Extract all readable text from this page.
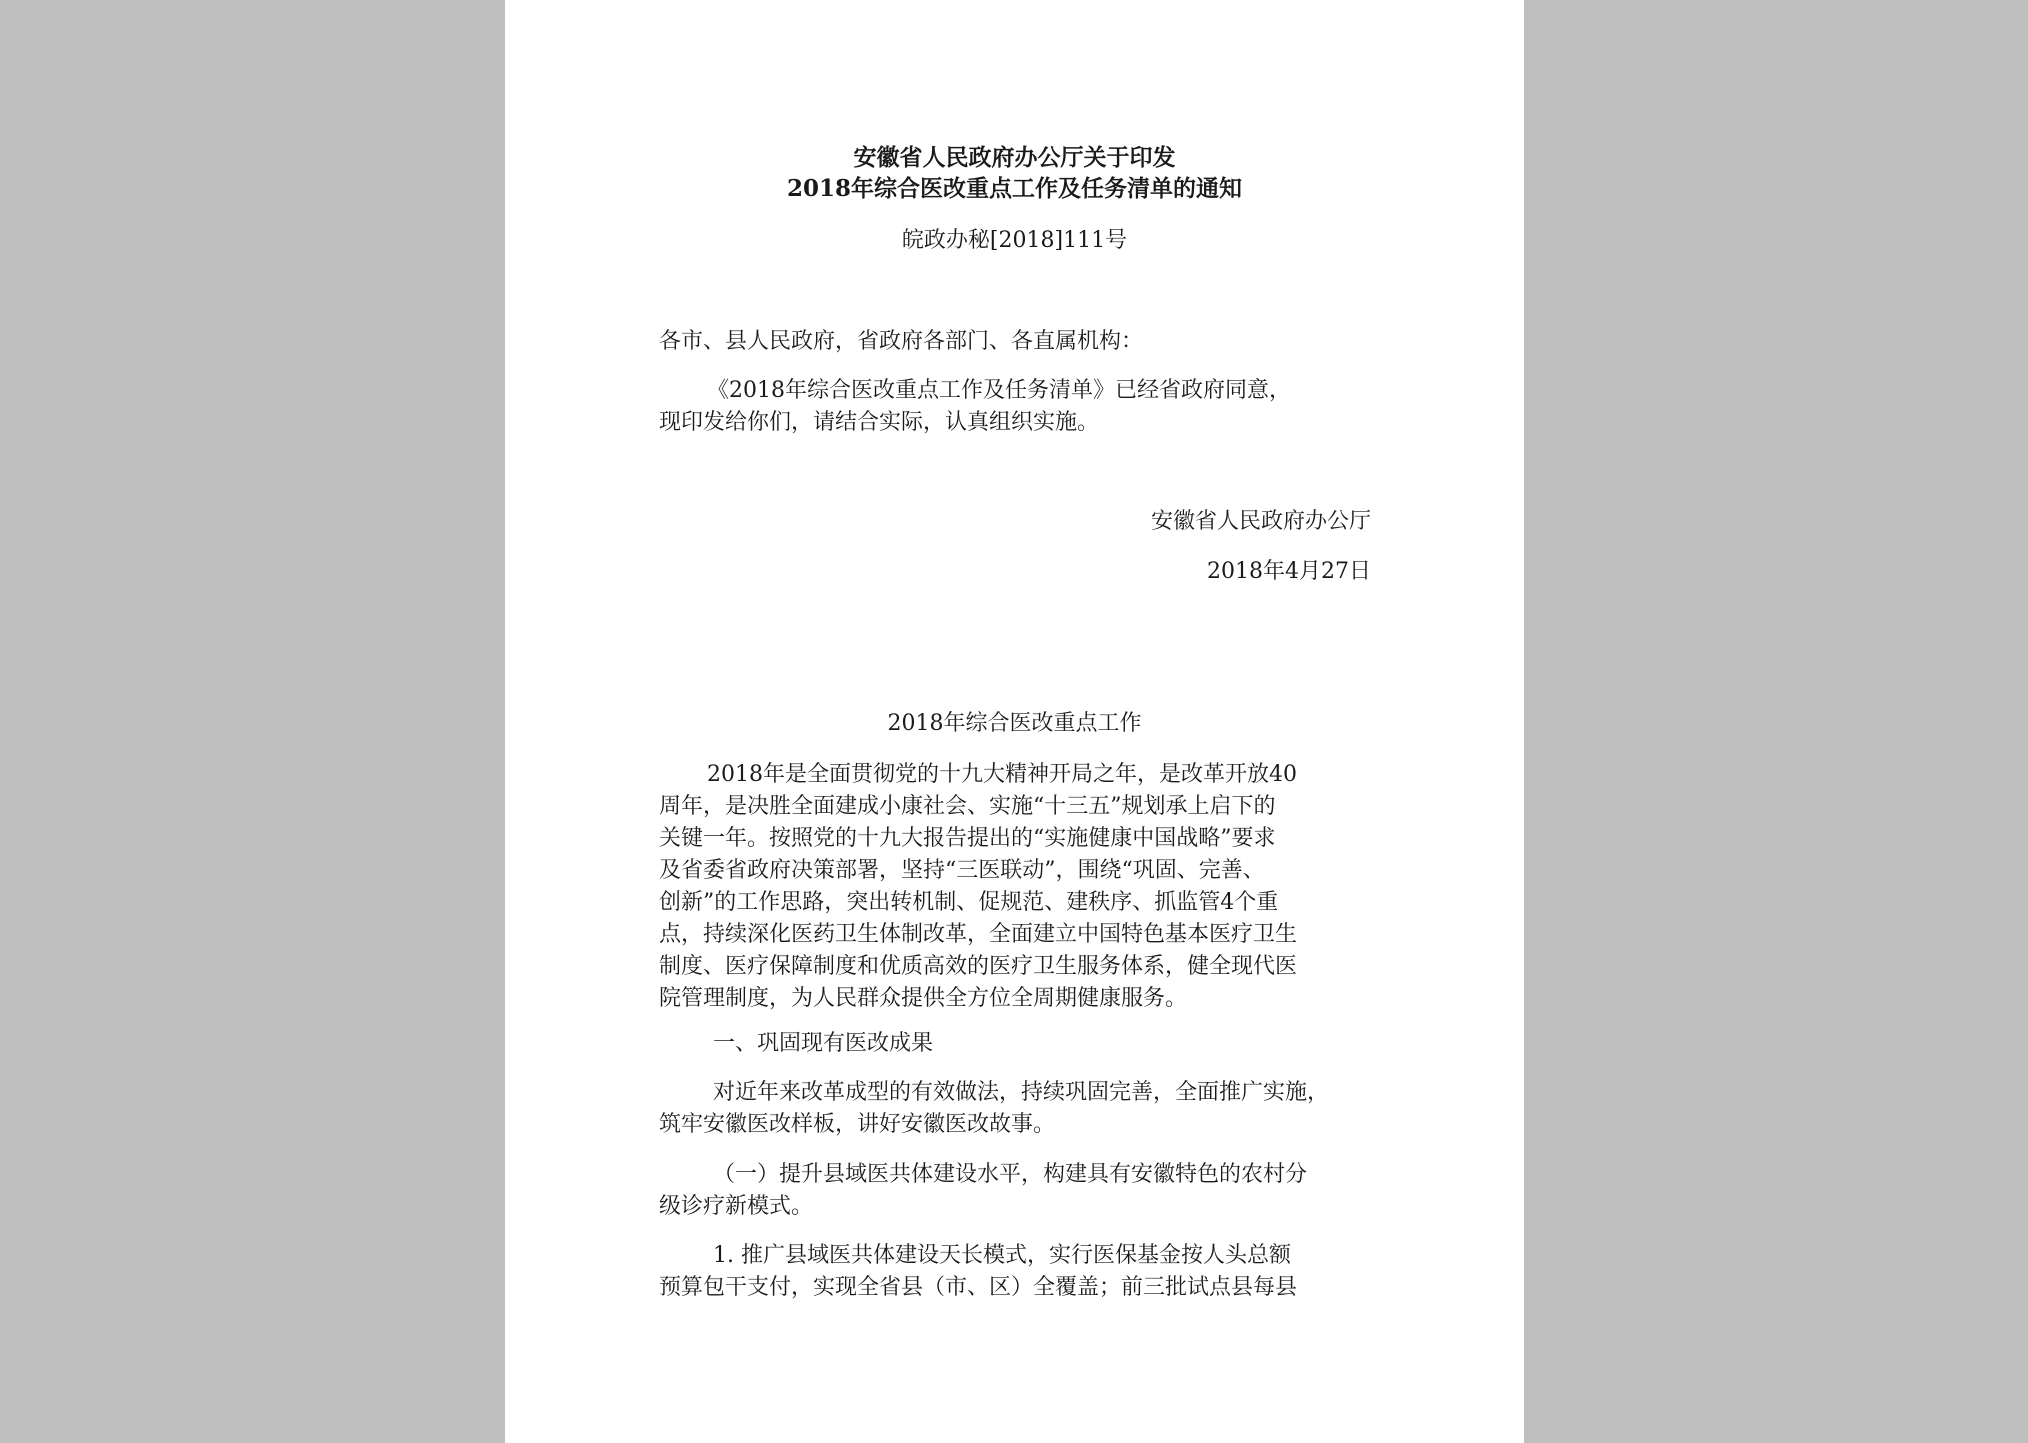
安徽省人民政府办公厅关于印发
2018年综合医改重点工作及任务清单的通知
皖政办秘[2018]111号
各市、县人民政府，省政府各部门、各直属机构：
《2018年综合医改重点工作及任务清单》已经省政府同意，
现印发给你们，请结合实际，认真组织实施。
安徽省人民政府办公厅
2018年4月27日
2018年综合医改重点工作
2018年是全面贯彻党的十九大精神开局之年，是改革开放40
周年，是决胜全面建成小康社会、实施“十三五”规划承上启下的
关键一年。按照党的十九大报告提出的“实施健康中国战略”要求
及省委省政府决策部署，坚持“三医联动”，围绕“巩固、完善、
创新”的工作思路，突出转机制、促规范、建秩序、抓监管4个重
点，持续深化医药卫生体制改革，全面建立中国特色基本医疗卫生
制度、医疗保障制度和优质高效的医疗卫生服务体系，健全现代医
院管理制度，为人民群众提供全方位全周期健康服务。
一、巩固现有医改成果
对近年来改革成型的有效做法，持续巩固完善，全面推广实施，
筑牢安徽医改样板，讲好安徽医改故事。
（一）提升县域医共体建设水平，构建具有安徽特色的农村分
级诊疗新模式。
1. 推广县域医共体建设天长模式，实行医保基金按人头总额
预算包干支付，实现全省县（市、区）全覆盖；前三批试点县每县
